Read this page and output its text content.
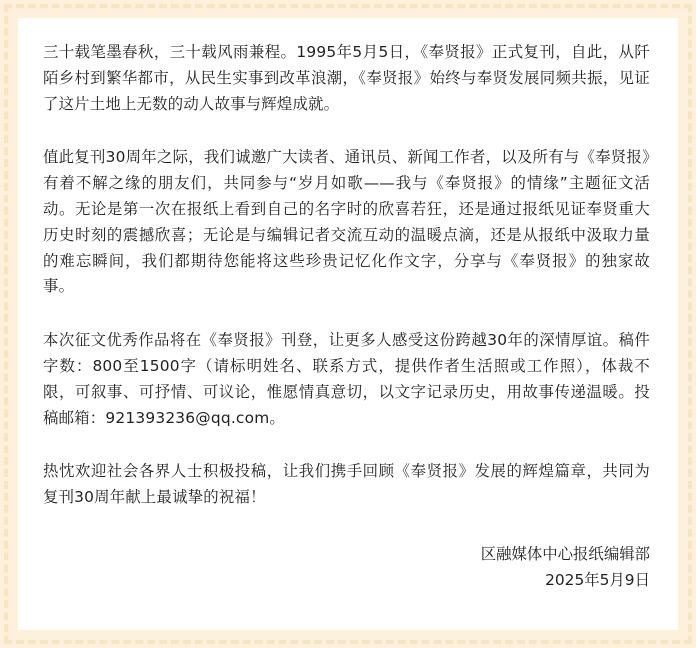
三十载笔墨春秋，三十载风雨兼程。1995年5月5日，《奉贤报》正式复刊，自此，从阡陌乡村到繁华都市，从民生实事到改革浪潮，《奉贤报》始终与奉贤发展同频共振，见证了这片土地上无数的动人故事与辉煌成就。

值此复刊30周年之际，我们诚邀广大读者、通讯员、新闻工作者，以及所有与《奉贤报》有着不解之缘的朋友们，共同参与“岁月如歌——我与《奉贤报》的情缘”主题征文活动。无论是第一次在报纸上看到自己的名字时的欣喜若狂，还是通过报纸见证奉贤重大历史时刻的震撼欣喜；无论是与编辑记者交流互动的温暖点滴，还是从报纸中汲取力量的难忘瞬间，我们都期待您能将这些珍贵记忆化作文字，分享与《奉贤报》的独家故事。

本次征文优秀作品将在《奉贤报》刊登，让更多人感受这份跨越30年的深情厚谊。稿件字数：800至1500字（请标明姓名、联系方式，提供作者生活照或工作照），体裁不限，可叙事、可抒情、可议论，惟愿情真意切，以文字记录历史，用故事传递温暖。投稿邮箱：921393236@qq.com。

热忱欢迎社会各界人士积极投稿，让我们携手回顾《奉贤报》发展的辉煌篇章，共同为复刊30周年献上最诚挚的祝福！

区融媒体中心报纸编辑部
2025年5月9日
